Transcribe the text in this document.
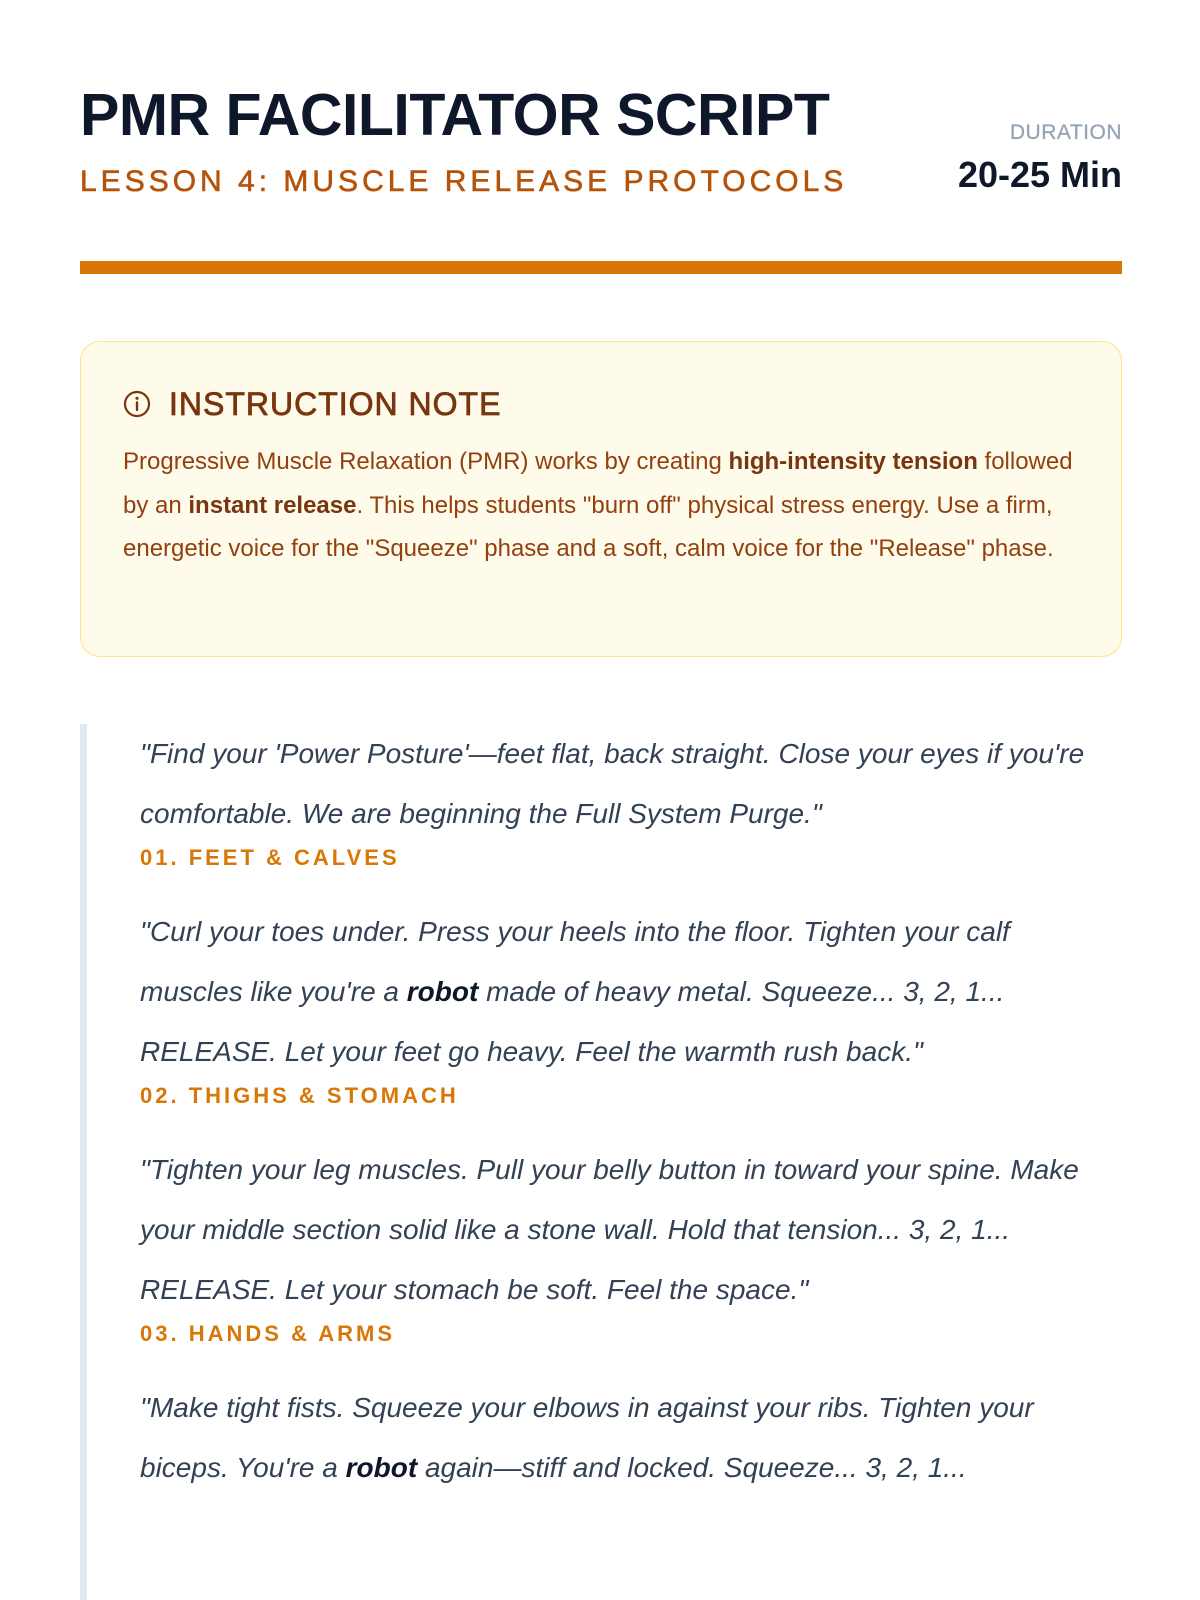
PMR FACILITATOR SCRIPT
LESSON 4: MUSCLE RELEASE PROTOCOLS
DURATION
20-25 Min
INSTRUCTION NOTE

Progressive Muscle Relaxation (PMR) works by creating high-intensity tension followed by an instant release. This helps students "burn off" physical stress energy. Use a firm, energetic voice for the "Squeeze" phase and a soft, calm voice for the "Release" phase.

"Find your 'Power Posture'—feet flat, back straight. Close your eyes if you're comfortable. We are beginning the Full System Purge."

01. FEET & CALVES

"Curl your toes under. Press your heels into the floor. Tighten your calf muscles like you're a robot made of heavy metal. Squeeze... 3, 2, 1... RELEASE. Let your feet go heavy. Feel the warmth rush back."

02. THIGHS & STOMACH

"Tighten your leg muscles. Pull your belly button in toward your spine. Make your middle section solid like a stone wall. Hold that tension... 3, 2, 1... RELEASE. Let your stomach be soft. Feel the space."

03. HANDS & ARMS

"Make tight fists. Squeeze your elbows in against your ribs. Tighten your biceps. You're a robot again—stiff and locked. Squeeze... 3, 2, 1...
